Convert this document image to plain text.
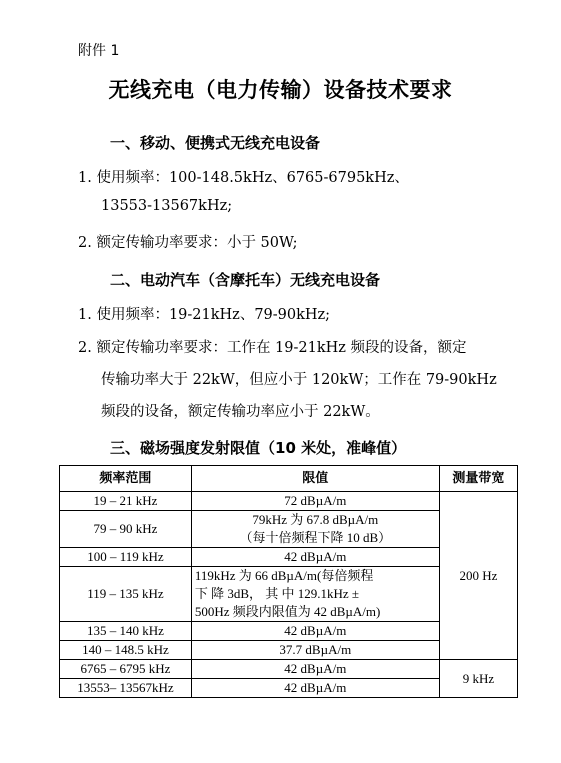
附件 1
无线充电（电力传输）设备技术要求
一、移动、便携式无线充电设备
1. 使用频率：100-148.5kHz、6765-6795kHz、
13553-13567kHz;
2. 额定传输功率要求：小于 50W;
二、电动汽车（含摩托车）无线充电设备
1. 使用频率：19-21kHz、79-90kHz;
2. 额定传输功率要求：工作在 19-21kHz 频段的设备，额定
传输功率大于 22kW，但应小于 120kW；工作在 79-90kHz
频段的设备，额定传输功率应小于 22kW。
三、磁场强度发射限值（10 米处，准峰值）
频率范围	限值	测量带宽
19 – 21 kHz	72 dBµA/m	200 Hz
79 – 90 kHz	79kHz 为 67.8 dBµA/m
（每十倍频程下降 10 dB）	

100 – 119 kHz	42 dBµA/m	
119 – 135 kHz	119kHz 为 66 dBµA/m(每倍频程
下 降 3dB， 其 中 129.1kHz ±
500Hz 频段内限值为 42 dBµA/m)	

135 – 140 kHz	42 dBµA/m	
140 – 148.5 kHz	37.7 dBµA/m	
6765 – 6795 kHz	42 dBµA/m	9 kHz
13553– 13567kHz	42 dBµA/m	
